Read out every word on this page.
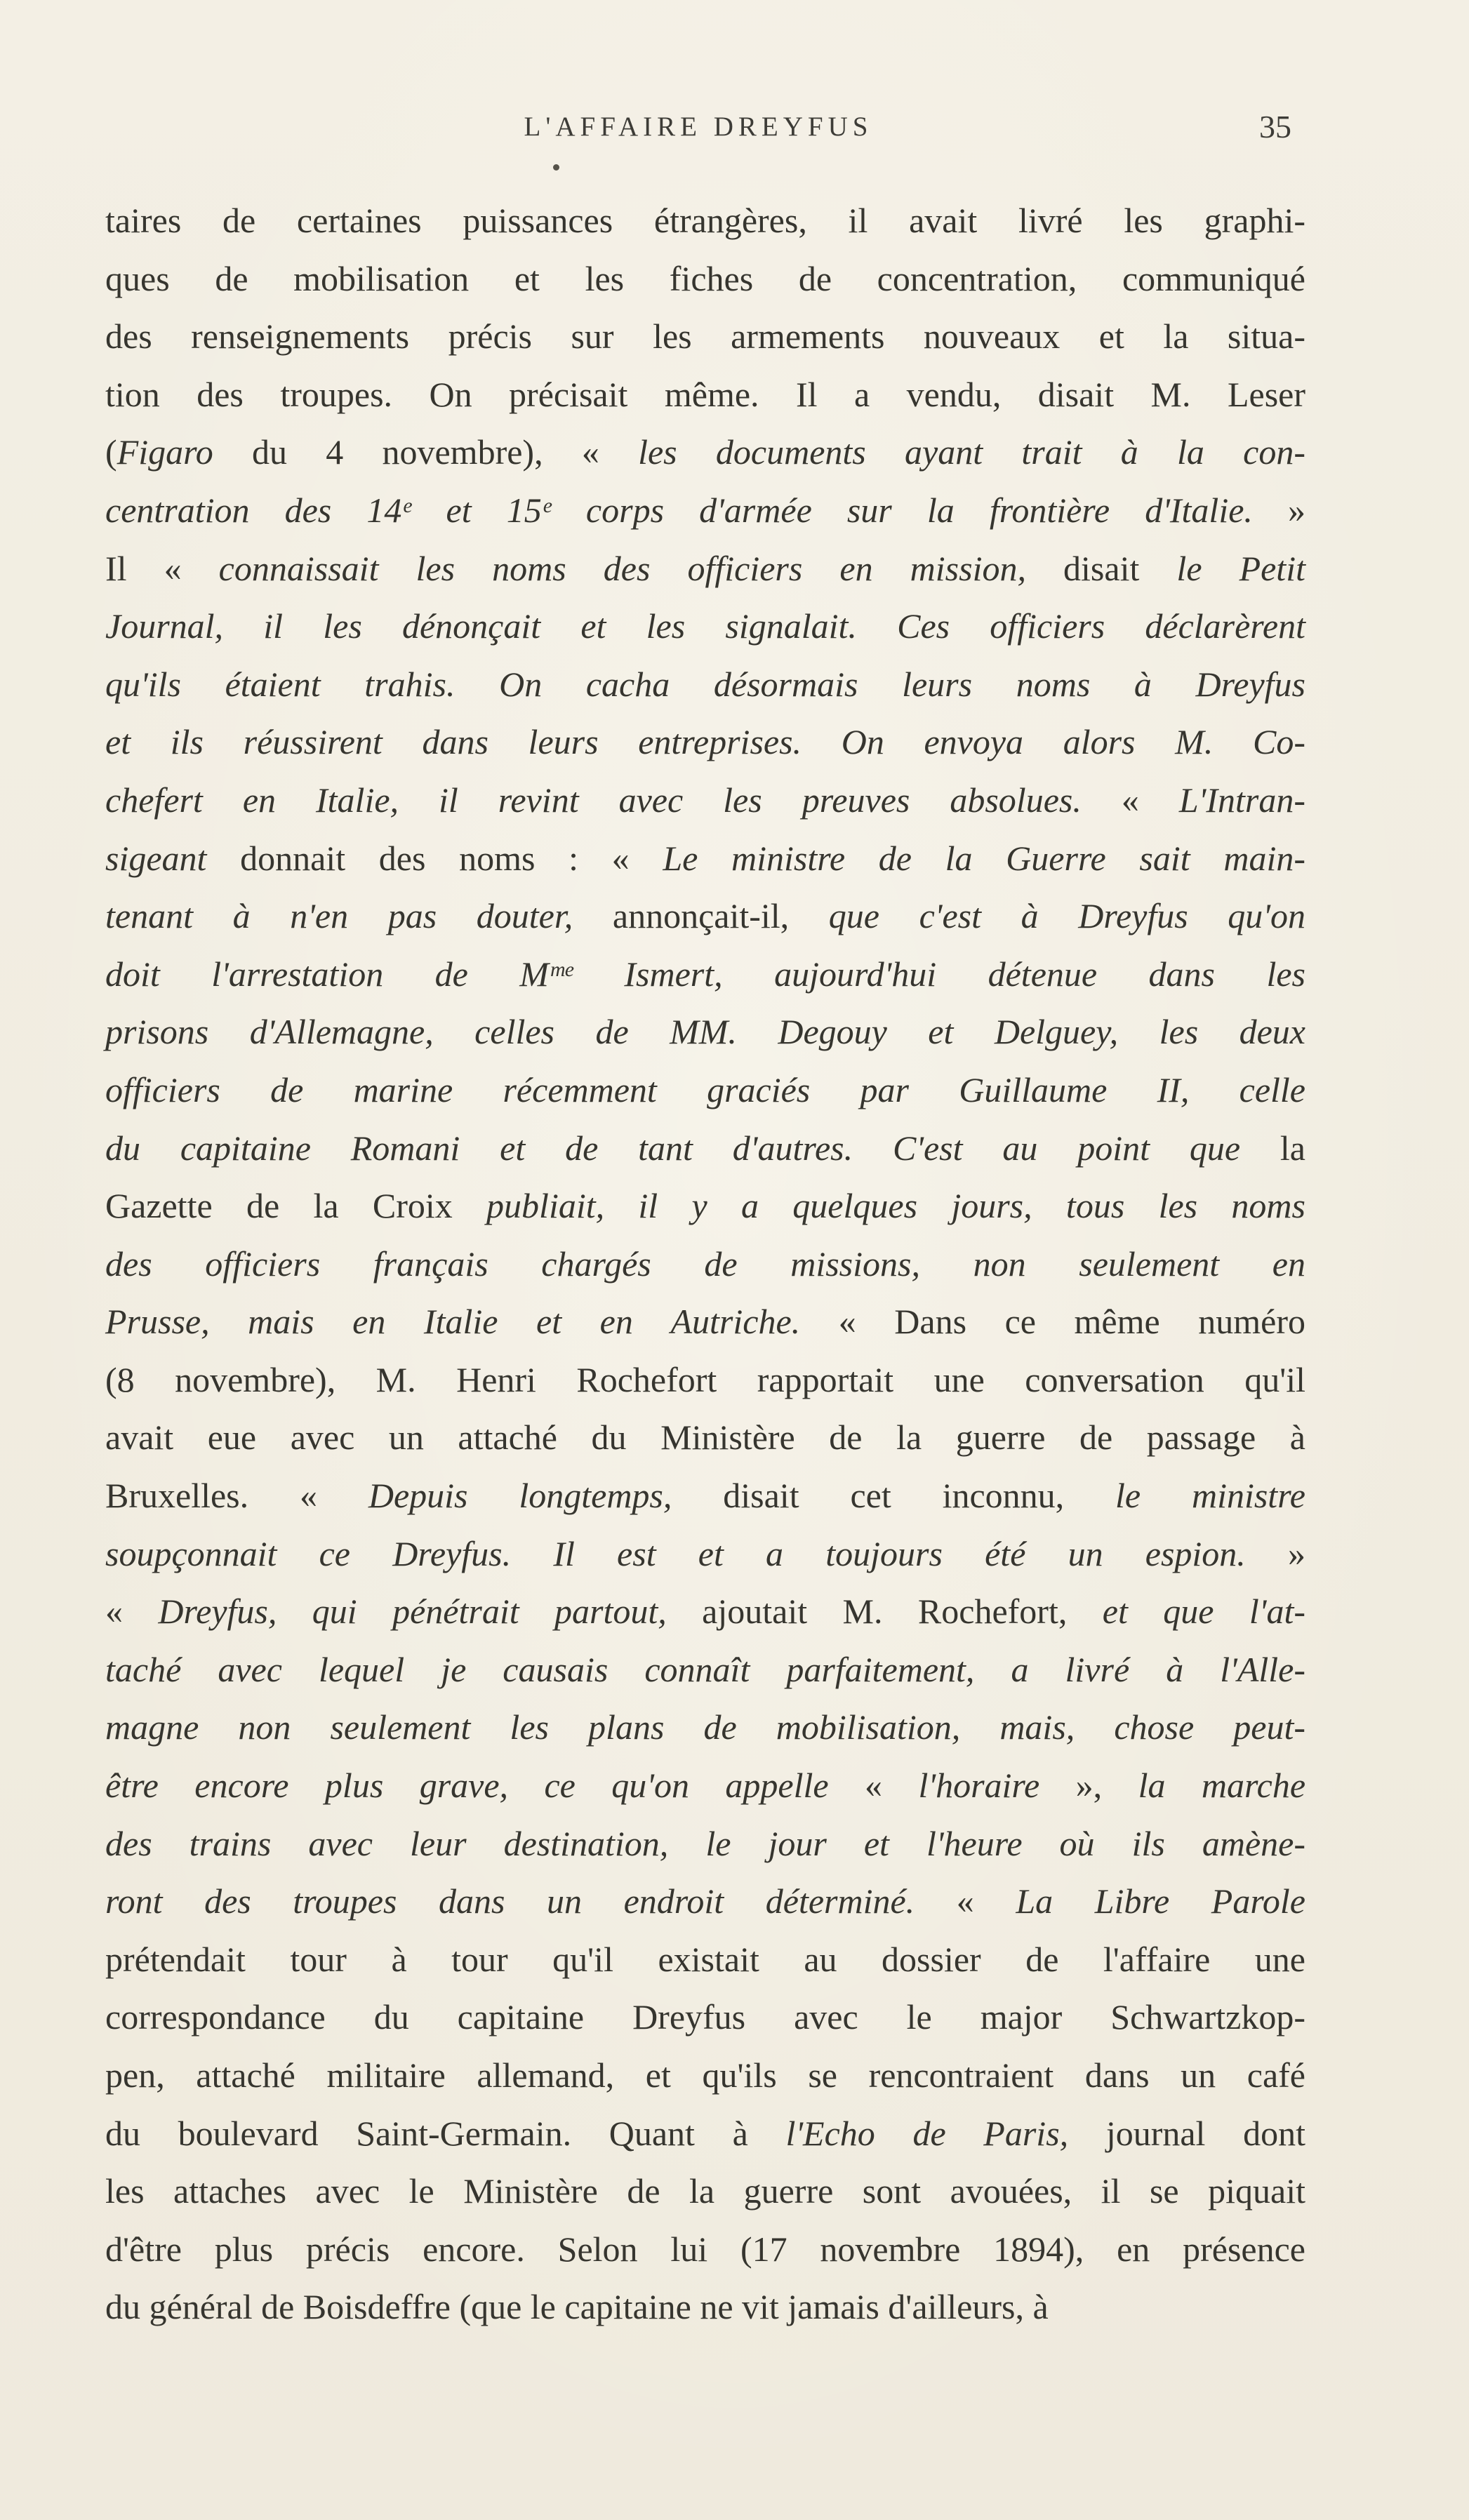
L'AFFAIRE DREYFUS	35
taires de certaines puissances étrangères, il avait livré les graphi-
ques de mobilisation et les fiches de concentration, communiqué
des renseignements précis sur les armements nouveaux et la situa-
tion des troupes. On précisait même. Il a vendu, disait M. Leser
(Figaro du 4 novembre), « les documents ayant trait à la con-
centration des 14ᵉ et 15ᵉ corps d'armée sur la frontière d'Italie. »
Il « connaissait les noms des officiers en mission, disait le Petit
Journal, il les dénonçait et les signalait. Ces officiers déclarèrent
qu'ils étaient trahis. On cacha désormais leurs noms à Dreyfus
et ils réussirent dans leurs entreprises. On envoya alors M. Co-
chefert en Italie, il revint avec les preuves absolues. « L'Intran-
sigeant donnait des noms : « Le ministre de la Guerre sait main-
tenant à n'en pas douter, annonçait-il, que c'est à Dreyfus qu'on
doit l'arrestation de Mᵐᵉ Ismert, aujourd'hui détenue dans les
prisons d'Allemagne, celles de MM. Degouy et Delguey, les deux
officiers de marine récemment graciés par Guillaume II, celle
du capitaine Romani et de tant d'autres. C'est au point que la
Gazette de la Croix publiait, il y a quelques jours, tous les noms
des officiers français chargés de missions, non seulement en
Prusse, mais en Italie et en Autriche. « Dans ce même numéro
(8 novembre), M. Henri Rochefort rapportait une conversation qu'il
avait eue avec un attaché du Ministère de la guerre de passage à
Bruxelles. « Depuis longtemps, disait cet inconnu, le ministre
soupçonnait ce Dreyfus. Il est et a toujours été un espion. »
« Dreyfus, qui pénétrait partout, ajoutait M. Rochefort, et que l'at-
taché avec lequel je causais connaît parfaitement, a livré à l'Alle-
magne non seulement les plans de mobilisation, mais, chose peut-
être encore plus grave, ce qu'on appelle « l'horaire », la marche
des trains avec leur destination, le jour et l'heure où ils amène-
ront des troupes dans un endroit déterminé. « La Libre Parole
prétendait tour à tour qu'il existait au dossier de l'affaire une
correspondance du capitaine Dreyfus avec le major Schwartzkop-
pen, attaché militaire allemand, et qu'ils se rencontraient dans un café
du boulevard Saint-Germain. Quant à l'Echo de Paris, journal dont
les attaches avec le Ministère de la guerre sont avouées, il se piquait
d'être plus précis encore. Selon lui (17 novembre 1894), en présence
du général de Boisdeffre (que le capitaine ne vit jamais d'ailleurs, à
